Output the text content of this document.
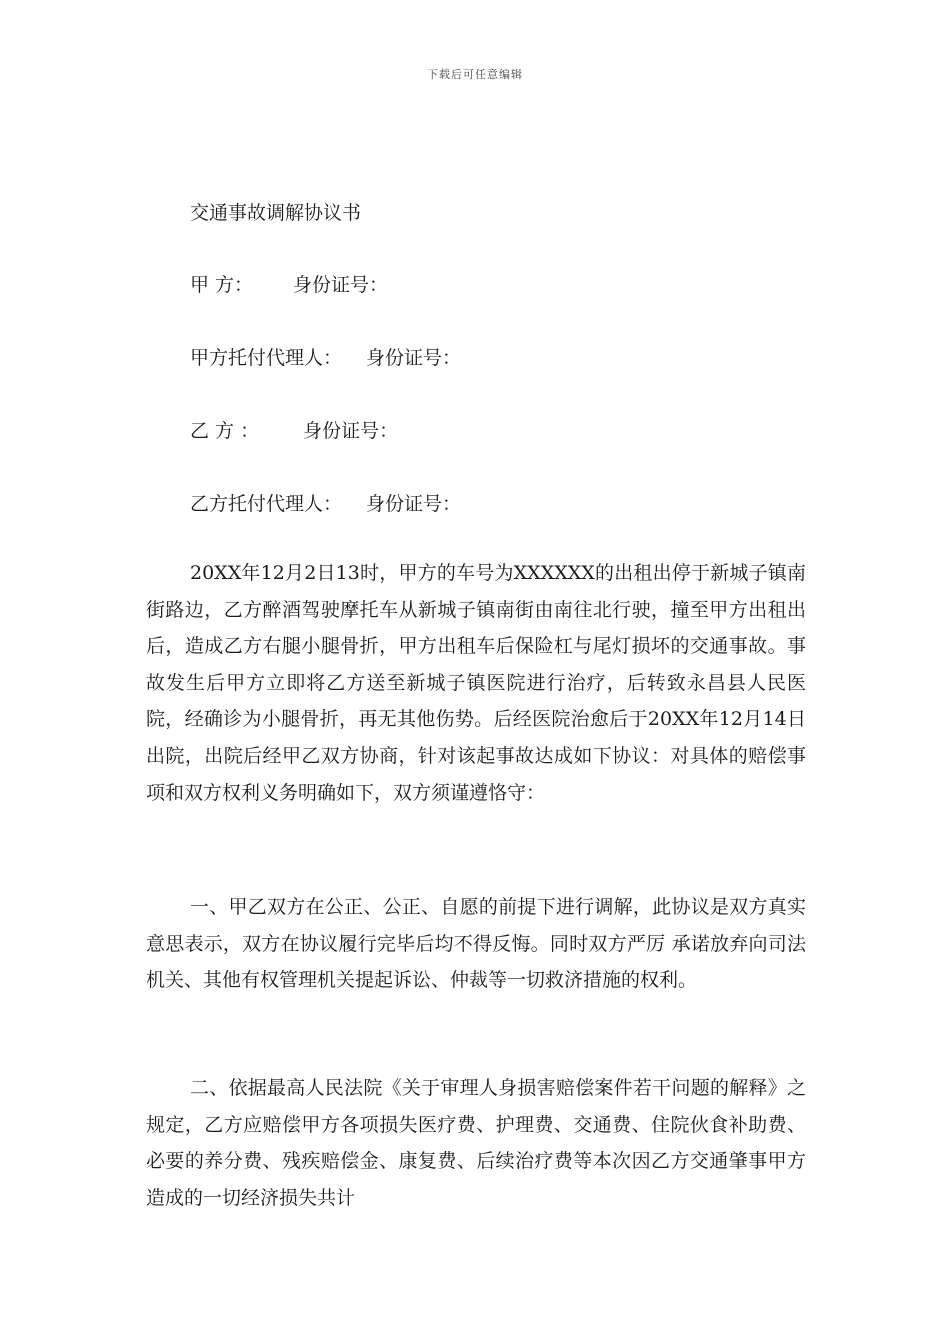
下载后可任意编辑
交通事故调解协议书
甲 方： 身份证号：
甲方托付代理人： 身份证号：
乙 方 ： 身份证号：
乙方托付代理人： 身份证号：

20XX年12月2日13时，甲方的车号为XXXXXX的出租出停于新城子镇南街路边，乙方醉酒驾驶摩托车从新城子镇南街由南往北行驶，撞至甲方出租出后，造成乙方右腿小腿骨折，甲方出租车后保险杠与尾灯损坏的交通事故。事故发生后甲方立即将乙方送至新城子镇医院进行治疗，后转致永昌县人民医院，经确诊为小腿骨折，再无其他伤势。后经医院治愈后于20XX年12月14日出院，出院后经甲乙双方协商，针对该起事故达成如下协议：对具体的赔偿事项和双方权利义务明确如下，双方须谨遵恪守：

一、甲乙双方在公正、公正、自愿的前提下进行调解，此协议是双方真实意思表示，双方在协议履行完毕后均不得反悔。同时双方严厉 承诺放弃向司法机关、其他有权管理机关提起诉讼、仲裁等一切救济措施的权利。

二、依据最高人民法院《关于审理人身损害赔偿案件若干问题的解释》之规定，乙方应赔偿甲方各项损失医疗费、护理费、交通费、住院伙食补助费、必要的养分费、残疾赔偿金、康复费、后续治疗费等本次因乙方交通肇事甲方造成的一切经济损失共计
